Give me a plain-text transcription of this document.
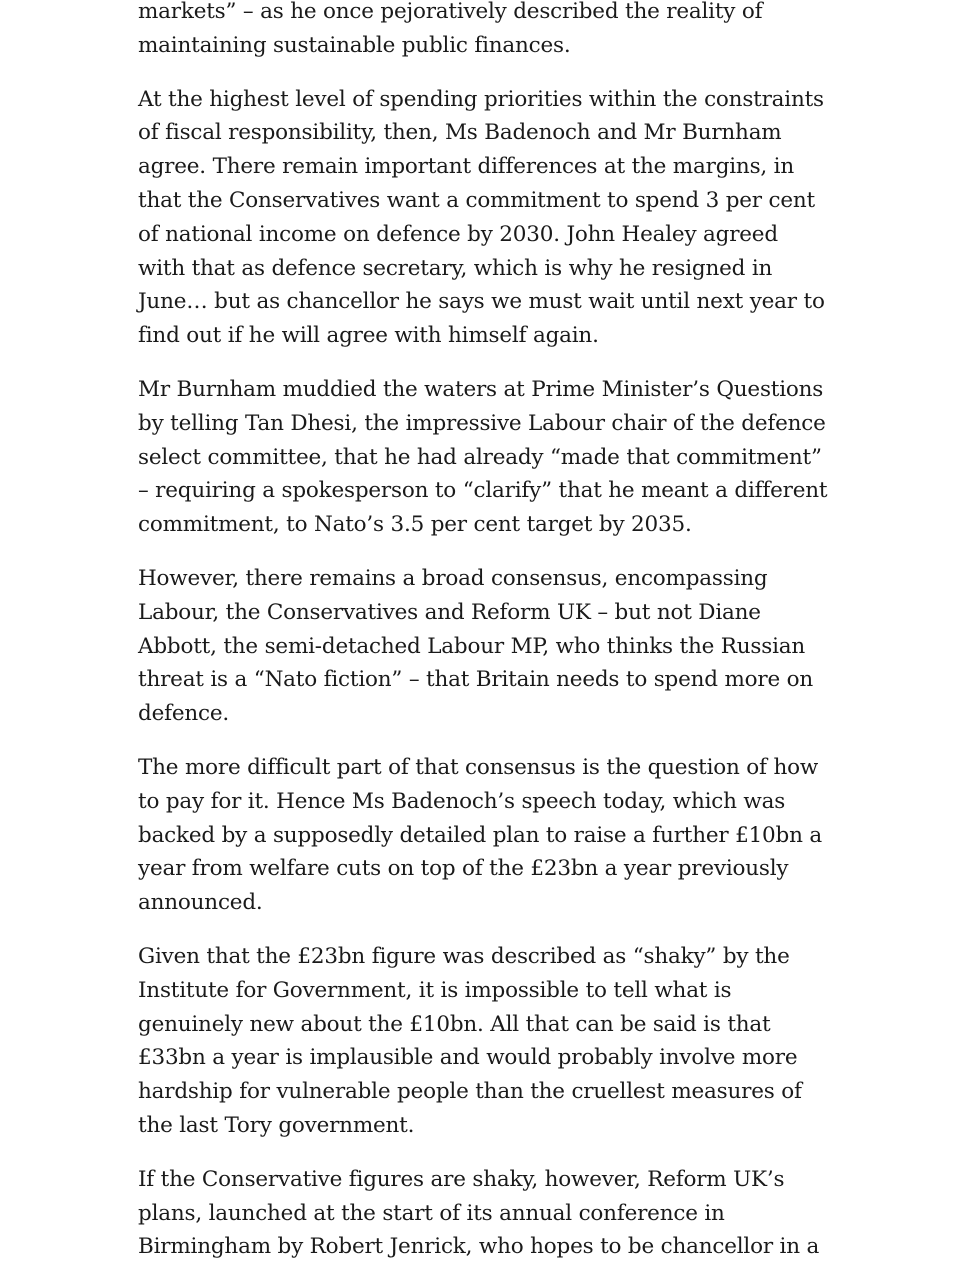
markets” – as he once pejoratively described the reality of maintaining sustainable public finances.

At the highest level of spending priorities within the constraints of fiscal responsibility, then, Ms Badenoch and Mr Burnham agree. There remain important differences at the margins, in that the Conservatives want a commitment to spend 3 per cent of national income on defence by 2030. John Healey agreed with that as defence secretary, which is why he resigned in June… but as chancellor he says we must wait until next year to find out if he will agree with himself again.

Mr Burnham muddied the waters at Prime Minister’s Questions by telling Tan Dhesi, the impressive Labour chair of the defence select committee, that he had already “made that commitment” – requiring a spokesperson to “clarify” that he meant a different commitment, to Nato’s 3.5 per cent target by 2035.

However, there remains a broad consensus, encompassing Labour, the Conservatives and Reform UK – but not Diane Abbott, the semi-detached Labour MP, who thinks the Russian threat is a “Nato fiction” – that Britain needs to spend more on defence.

The more difficult part of that consensus is the question of how to pay for it. Hence Ms Badenoch’s speech today, which was backed by a supposedly detailed plan to raise a further £10bn a year from welfare cuts on top of the £23bn a year previously announced.

Given that the £23bn figure was described as “shaky” by the Institute for Government, it is impossible to tell what is genuinely new about the £10bn. All that can be said is that £33bn a year is implausible and would probably involve more hardship for vulnerable people than the cruellest measures of the last Tory government.

If the Conservative figures are shaky, however, Reform UK’s plans, launched at the start of its annual conference in Birmingham by Robert Jenrick, who hopes to be chancellor in a
